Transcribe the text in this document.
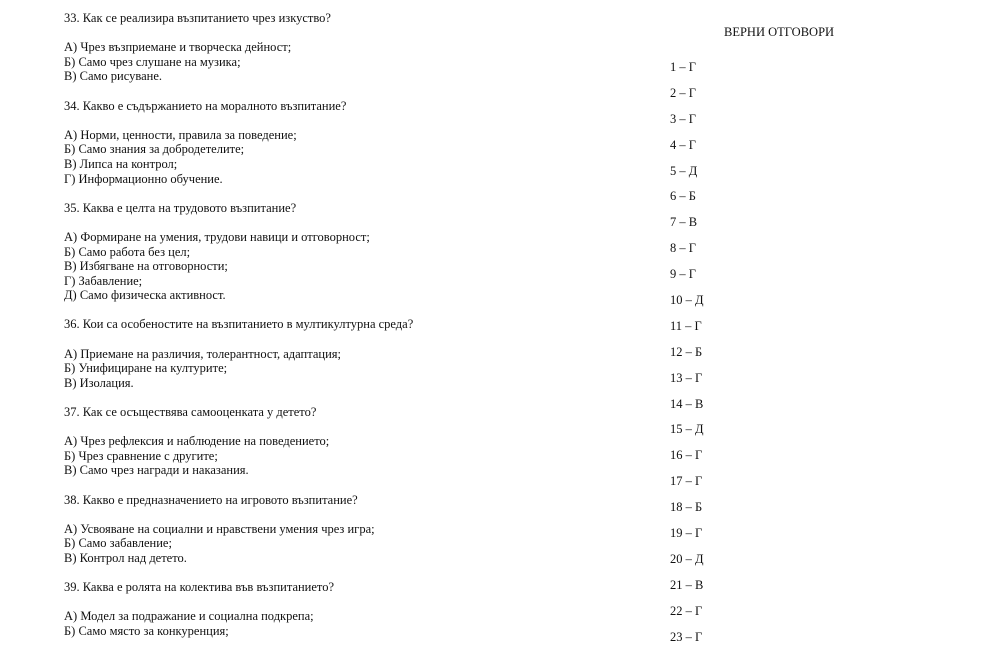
33. Как се реализира възпитанието чрез изкуство?
А) Чрез възприемане и творческа дейност;
Б) Само чрез слушане на музика;
В) Само рисуване.
34. Какво е съдържанието на моралното възпитание?
А) Норми, ценности, правила за поведение;
Б) Само знания за добродетелите;
В) Липса на контрол;
Г) Информационно обучение.
35. Каква е целта на трудовото възпитание?
А) Формиране на умения, трудови навици и отговорност;
Б) Само работа без цел;
В) Избягване на отговорности;
Г) Забавление;
Д) Само физическа активност.
36. Кои са особеностите на възпитанието в мултикултурна среда?
А) Приемане на различия, толерантност, адаптация;
Б) Унифициране на културите;
В) Изолация.
37. Как се осъществява самооценката у детето?
А) Чрез рефлексия и наблюдение на поведението;
Б) Чрез сравнение с другите;
В) Само чрез награди и наказания.
38. Какво е предназначението на игровото възпитание?
А) Усвояване на социални и нравствени умения чрез игра;
Б) Само забавление;
В) Контрол над детето.
39. Каква е ролята на колектива във възпитанието?
А) Модел за подражание и социална подкрепа;
Б) Само място за конкуренция;
ВЕРНИ ОТГОВОРИ
1 – Г
2 – Г
3 – Г
4 – Г
5 – Д
6 – Б
7 – В
8 – Г
9 – Г
10 – Д
11 – Г
12 – Б
13 – Г
14 – В
15 – Д
16 – Г
17 – Г
18 – Б
19 – Г
20 – Д
21 – В
22 – Г
23 – Г
